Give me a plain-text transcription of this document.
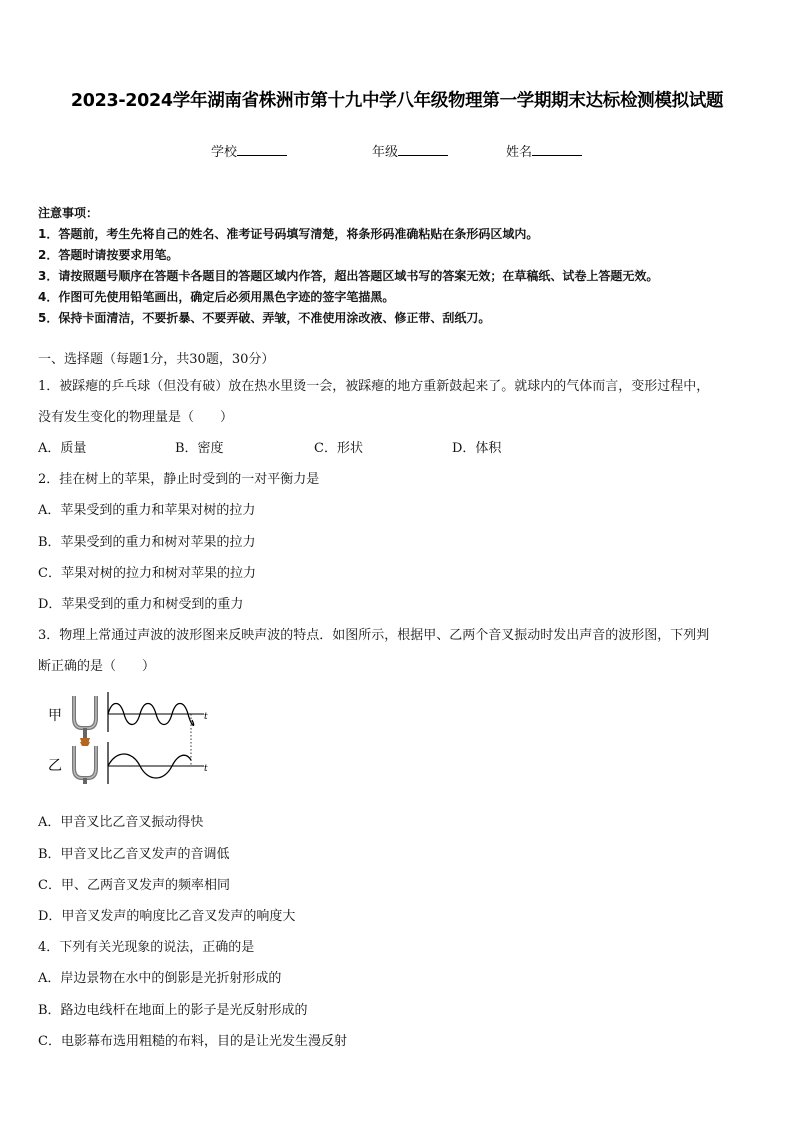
2023-2024学年湖南省株洲市第十九中学八年级物理第一学期期末达标检测模拟试题
学校	年级	姓名
注意事项：
1．答题前，考生先将自己的姓名、准考证号码填写清楚，将条形码准确粘贴在条形码区域内。
2．答题时请按要求用笔。
3．请按照题号顺序在答题卡各题目的答题区域内作答，超出答题区域书写的答案无效；在草稿纸、试卷上答题无效。
4．作图可先使用铅笔画出，确定后必须用黑色字迹的签字笔描黑。
5．保持卡面清洁，不要折暴、不要弄破、弄皱，不准使用涂改液、修正带、刮纸刀。
一、选择题（每题1分，共30题，30分）
1．被踩瘪的乒乓球（但没有破）放在热水里烫一会，被踩瘪的地方重新鼓起来了。就球内的气体而言，变形过程中，
没有发生变化的物理量是（　　）
A．质量	B．密度	C．形状	D．体积
2．挂在树上的苹果，静止时受到的一对平衡力是
A．苹果受到的重力和苹果对树的拉力
B．苹果受到的重力和树对苹果的拉力
C．苹果对树的拉力和树对苹果的拉力
D．苹果受到的重力和树受到的重力
3．物理上常通过声波的波形图来反映声波的特点．如图所示，根据甲、乙两个音叉振动时发出声音的波形图，下列判
断正确的是（　　）
甲
乙
t
t
A．甲音叉比乙音叉振动得快
B．甲音叉比乙音叉发声的音调低
C．甲、乙两音叉发声的频率相同
D．甲音叉发声的响度比乙音叉发声的响度大
4．下列有关光现象的说法，正确的是
A．岸边景物在水中的倒影是光折射形成的
B．路边电线杆在地面上的影子是光反射形成的
C．电影幕布选用粗糙的布料，目的是让光发生漫反射
